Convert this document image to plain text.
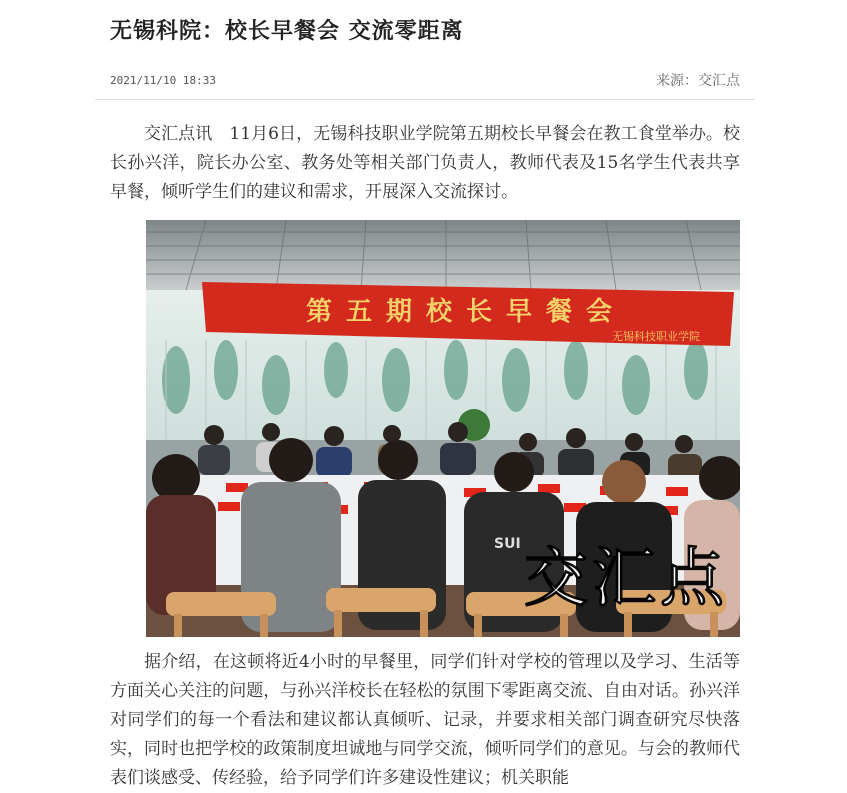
无锡科院：校长早餐会 交流零距离
2021/11/10 18:33	来源：交汇点

交汇点讯　11月6日，无锡科技职业学院第五期校长早餐会在教工食堂举办。校长孙兴洋，院长办公室、教务处等相关部门负责人，教师代表及15名学生代表共享早餐，倾听学生们的建议和需求，开展深入交流探讨。

第五期校长早餐会
无锡科技职业学院
SUI 交汇点

据介绍，在这顿将近4小时的早餐里，同学们针对学校的管理以及学习、生活等方面关心关注的问题，与孙兴洋校长在轻松的氛围下零距离交流、自由对话。孙兴洋对同学们的每一个看法和建议都认真倾听、记录，并要求相关部门调查研究尽快落实，同时也把学校的政策制度坦诚地与同学交流，倾听同学们的意见。与会的教师代表们谈感受、传经验，给予同学们许多建设性建议；机关职能
